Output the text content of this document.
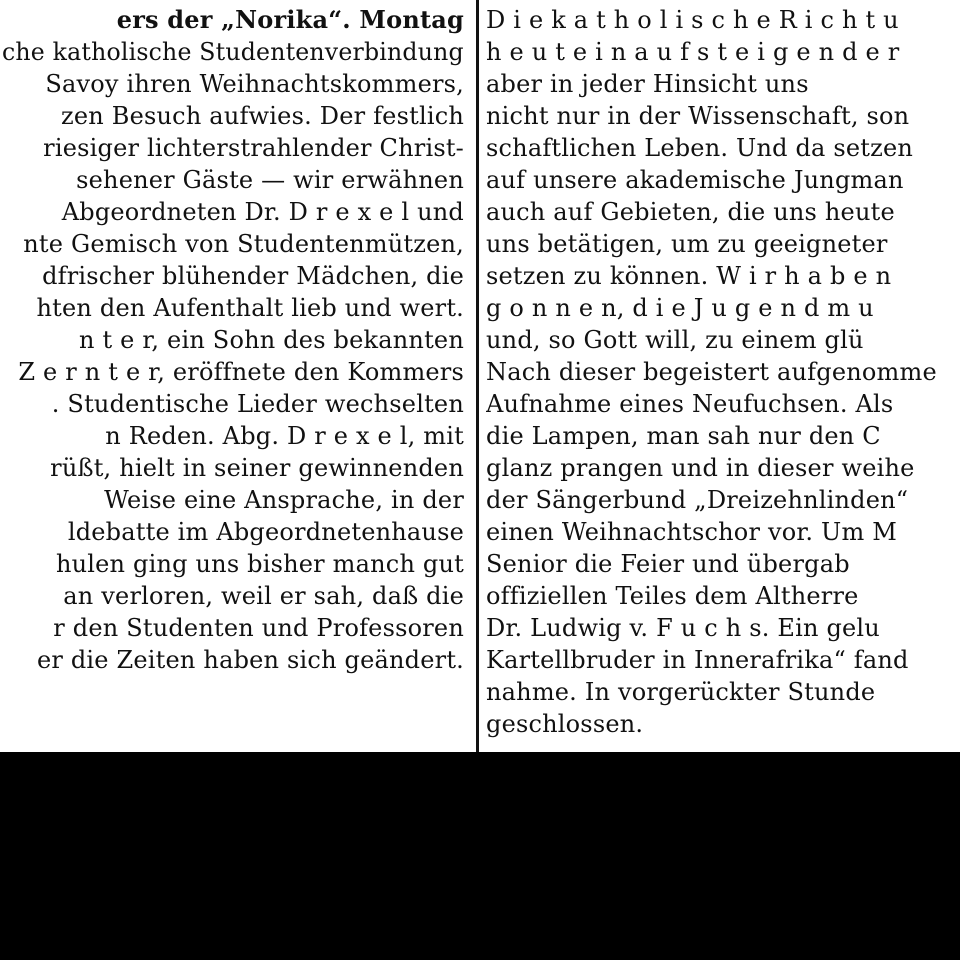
ers der „Norika“. Montag
che katholische Studentenverbindung
Savoy ihren Weihnachtskommers,
zen Besuch aufwies. Der festlich
riesiger lichterstrahlender Christ-
sehener Gäste — wir erwähnen
Abgeordneten Dr. D r e x e l und
nte Gemisch von Studentenmützen,
dfrischer blühender Mädchen, die
hten den Aufenthalt lieb und wert.
n t e r, ein Sohn des bekannten
Z e r n t e r, eröffnete den Kommers
. Studentische Lieder wechselten
n Reden. Abg. D r e x e l, mit
rüßt, hielt in seiner gewinnenden
Weise eine Ansprache, in der
ldebatte im Abgeordnetenhause
hulen ging uns bisher manch gut
an verloren, weil er sah, daß die
r den Studenten und Professoren
er die Zeiten haben sich geändert.
D i e k a t h o l i s c h e R i c h t u
h e u t e i n a u f s t e i g e n d e r
aber in jeder Hinsicht uns
nicht nur in der Wissenschaft, son
schaftlichen Leben. Und da setzen
auf unsere akademische Jungman
auch auf Gebieten, die uns heute
uns betätigen, um zu geeigneter
setzen zu können. W i r h a b e n
g o n n e n, d i e J u g e n d m u
und, so Gott will, zu einem glü
Nach dieser begeistert aufgenomme
Aufnahme eines Neufuchsen. Als
die Lampen, man sah nur den C
glanz prangen und in dieser weihe
der Sängerbund „Dreizehnlinden“
einen Weihnachtschor vor. Um M
Senior die Feier und übergab
offiziellen Teiles dem Altherre
Dr. Ludwig v. F u c h s. Ein gelu
Kartellbruder in Innerafrika“ fand
nahme. In vorgerückter Stunde
geschlossen.
